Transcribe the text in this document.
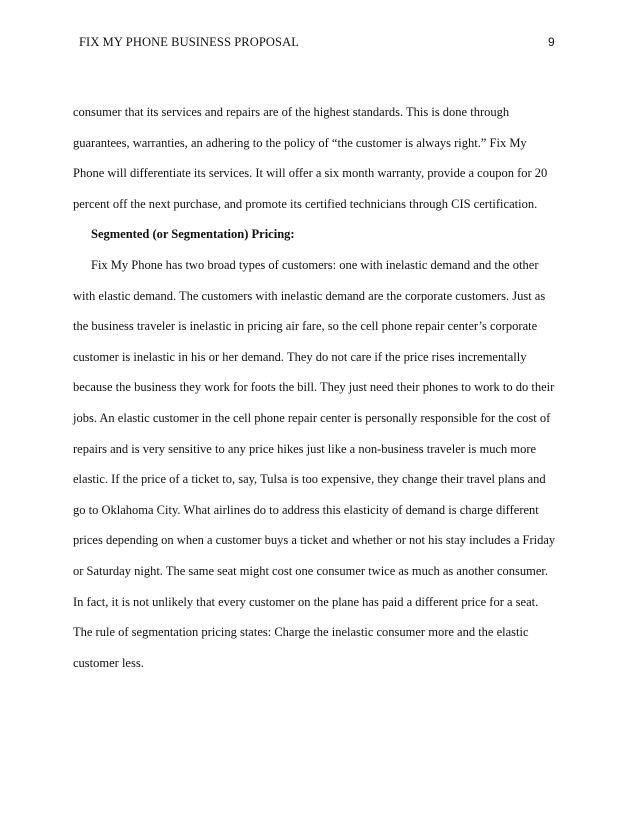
FIX MY PHONE BUSINESS PROPOSAL	9
consumer that its services and repairs are of the highest standards. This is done through
guarantees, warranties, an adhering to the policy of “the customer is always right.” Fix My
Phone will differentiate its services. It will offer a six month warranty, provide a coupon for 20
percent off the next purchase, and promote its certified technicians through CIS certification.
Segmented (or Segmentation) Pricing:
Fix My Phone has two broad types of customers: one with inelastic demand and the other
with elastic demand. The customers with inelastic demand are the corporate customers. Just as
the business traveler is inelastic in pricing air fare, so the cell phone repair center’s corporate
customer is inelastic in his or her demand. They do not care if the price rises incrementally
because the business they work for foots the bill. They just need their phones to work to do their
jobs. An elastic customer in the cell phone repair center is personally responsible for the cost of
repairs and is very sensitive to any price hikes just like a non-business traveler is much more
elastic. If the price of a ticket to, say, Tulsa is too expensive, they change their travel plans and
go to Oklahoma City. What airlines do to address this elasticity of demand is charge different
prices depending on when a customer buys a ticket and whether or not his stay includes a Friday
or Saturday night. The same seat might cost one consumer twice as much as another consumer.
In fact, it is not unlikely that every customer on the plane has paid a different price for a seat.
The rule of segmentation pricing states: Charge the inelastic consumer more and the elastic
customer less.
